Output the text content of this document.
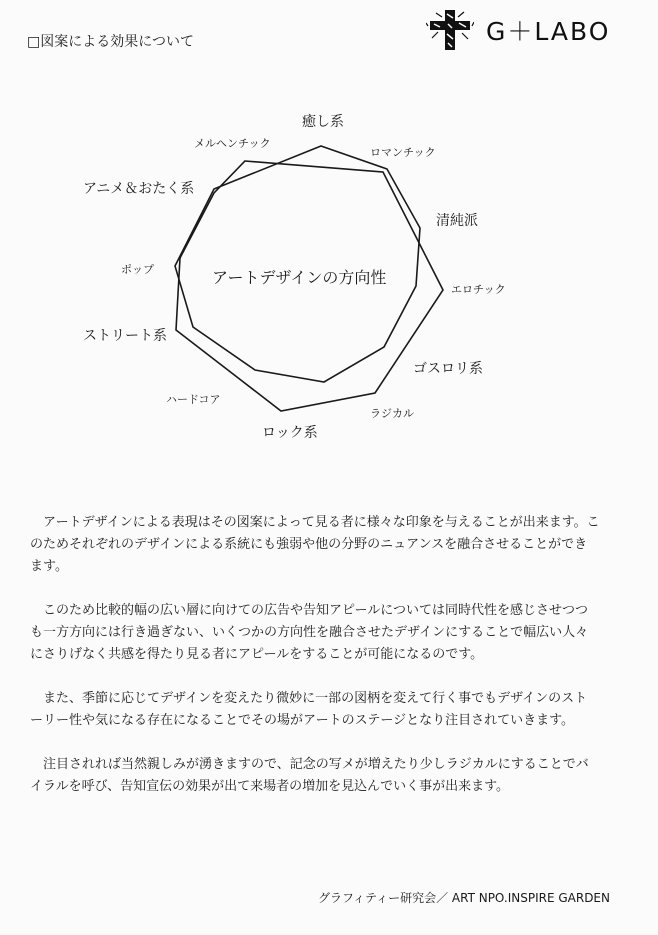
□図案による効果について	G＋LABO
癒し系
ロマンチック
清純派
エロチック
ゴスロリ系
ラジカル
ロック系
ハードコア
ストリート系
ポップ
アニメ＆おたく系
メルヘンチック
アートデザインの方向性

アートデザインによる表現はその図案によって見る者に様々な印象を与えることが出来ます。このためそれぞれのデザインによる系統にも強弱や他の分野のニュアンスを融合させることができます。

このため比較的幅の広い層に向けての広告や告知アピールについては同時代性を感じさせつつも一方方向には行き過ぎない、いくつかの方向性を融合させたデザインにすることで幅広い人々にさりげなく共感を得たり見る者にアピールをすることが可能になるのです。

また、季節に応じてデザインを変えたり微妙に一部の図柄を変えて行く事でもデザインのストーリー性や気になる存在になることでその場がアートのステージとなり注目されていきます。

注目されれば当然親しみが湧きますので、記念の写メが増えたり少しラジカルにすることでバイラルを呼び、告知宣伝の効果が出て来場者の増加を見込んでいく事が出来ます。

グラフィティー研究会／ ART NPO.INSPIRE GARDEN
